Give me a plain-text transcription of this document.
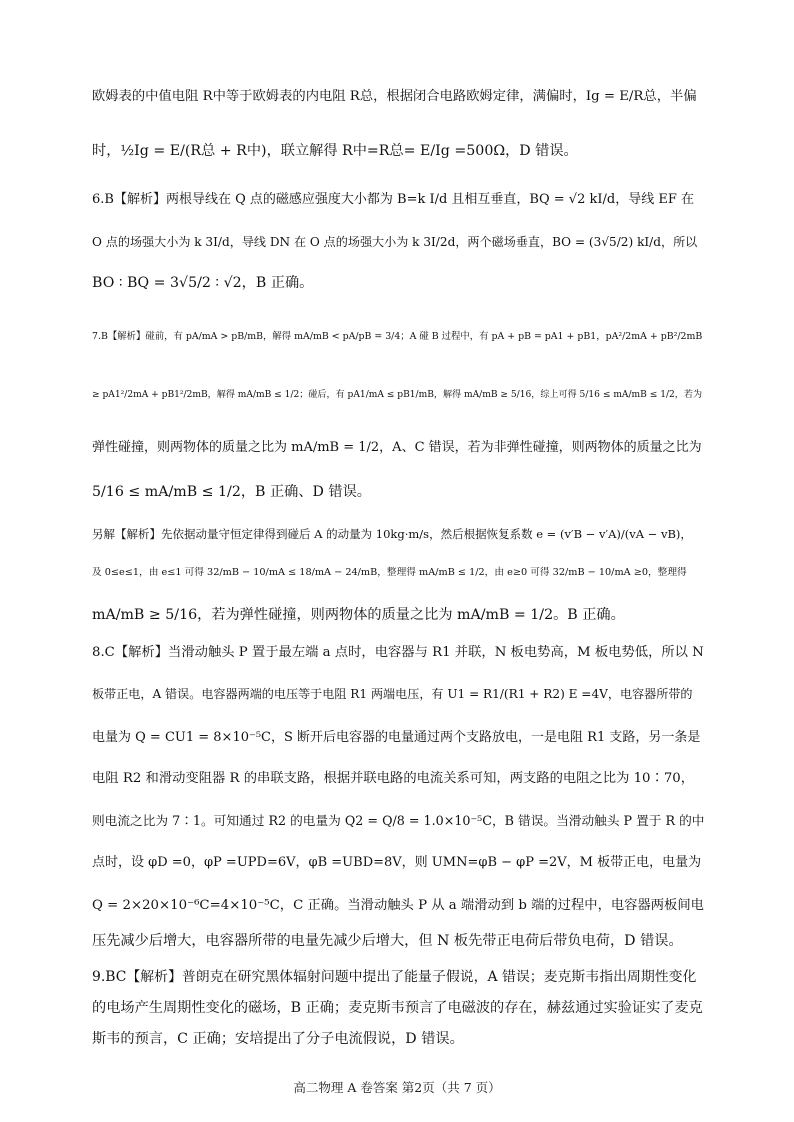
欧姆表的中值电阻 R中等于欧姆表的内电阻 R总，根据闭合电路欧姆定律，满偏时，Ig = E/R总，半偏
时，½Ig = E/(R总 + R中)，联立解得 R中=R总= E/Ig =500Ω，D 错误。
6.B【解析】两根导线在 Q 点的磁感应强度大小都为 B=k I/d 且相互垂直，BQ = √2 kI/d，导线 EF 在
O 点的场强大小为 k 3I/d，导线 DN 在 O 点的场强大小为 k 3I/2d，两个磁场垂直，BO = (3√5/2) kI/d，所以
BO ∶ BQ = 3√5/2 ∶ √2，B 正确。
7.B【解析】碰前，有 pA/mA > pB/mB，解得 mA/mB < pA/pB = 3/4；A 碰 B 过程中，有 pA + pB = pA1 + pB1，pA²/2mA + pB²/2mB
≥ pA1²/2mA + pB1²/2mB，解得 mA/mB ≤ 1/2；碰后，有 pA1/mA ≤ pB1/mB，解得 mA/mB ≥ 5/16，综上可得 5/16 ≤ mA/mB ≤ 1/2，若为
弹性碰撞，则两物体的质量之比为 mA/mB = 1/2，A、C 错误，若为非弹性碰撞，则两物体的质量之比为
5/16 ≤ mA/mB ≤ 1/2，B 正确、D 错误。
另解【解析】先依据动量守恒定律得到碰后 A 的动量为 10kg·m/s，然后根据恢复系数 e = (v′B − v′A)/(vA − vB)，
及 0≤e≤1，由 e≤1 可得 32/mB − 10/mA ≤ 18/mA − 24/mB，整理得 mA/mB ≤ 1/2，由 e≥0 可得 32/mB − 10/mA ≥0，整理得
mA/mB ≥ 5/16，若为弹性碰撞，则两物体的质量之比为 mA/mB = 1/2。B 正确。
8.C【解析】当滑动触头 P 置于最左端 a 点时，电容器与 R1 并联，N 板电势高，M 板电势低，所以 N
板带正电，A 错误。电容器两端的电压等于电阻 R1 两端电压，有 U1 = R1/(R1 + R2) E =4V，电容器所带的
电量为 Q = CU1 = 8×10⁻⁵C，S 断开后电容器的电量通过两个支路放电，一是电阻 R1 支路，另一条是
电阻 R2 和滑动变阻器 R 的串联支路，根据并联电路的电流关系可知，两支路的电阻之比为 10∶70，
则电流之比为 7∶1。可知通过 R2 的电量为 Q2 = Q/8 = 1.0×10⁻⁵C，B 错误。当滑动触头 P 置于 R 的中
点时，设 φD =0，φP =UPD=6V，φB =UBD=8V，则 UMN=φB − φP =2V，M 板带正电，电量为
Q = 2×20×10⁻⁶C=4×10⁻⁵C，C 正确。当滑动触头 P 从 a 端滑动到 b 端的过程中，电容器两板间电
压先减少后增大，电容器所带的电量先减少后增大，但 N 板先带正电荷后带负电荷，D 错误。
9.BC【解析】普朗克在研究黑体辐射问题中提出了能量子假说，A 错误；麦克斯韦指出周期性变化
的电场产生周期性变化的磁场，B 正确；麦克斯韦预言了电磁波的存在，赫兹通过实验证实了麦克
斯韦的预言，C 正确；安培提出了分子电流假说，D 错误。
高二物理 A 卷答案 第2页（共 7 页）
